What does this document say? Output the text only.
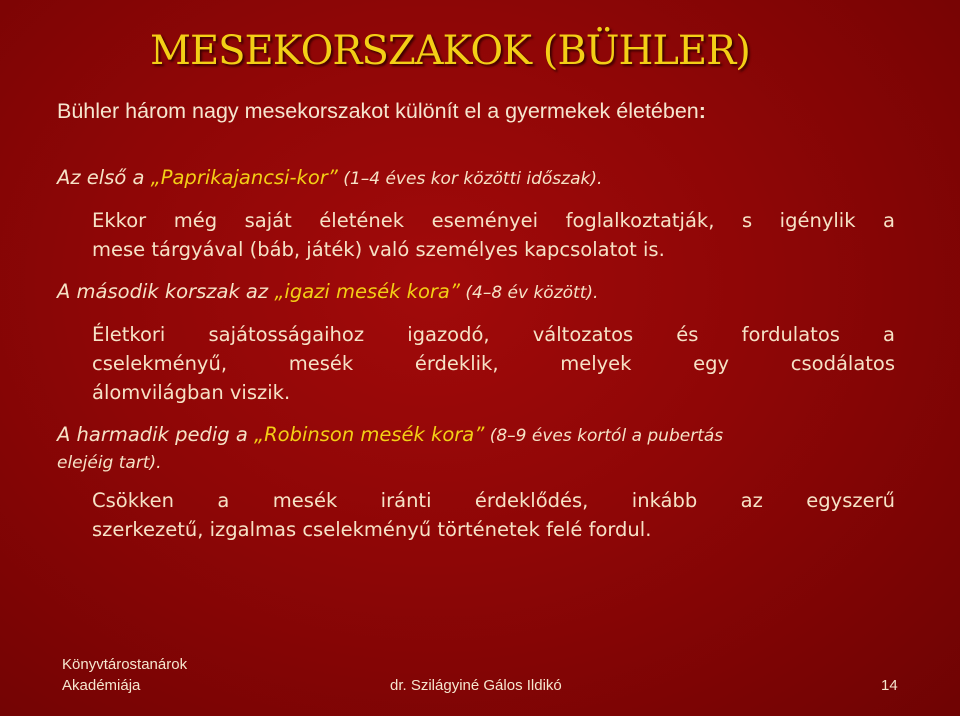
MESEKORSZAKOK (BÜHLER)
Bühler három nagy mesekorszakot különít el a gyermekek életében:
Az első a „Paprikajancsi-kor” (1–4 éves kor közötti időszak).
Ekkor még saját életének eseményei foglalkoztatják, s igénylik a
mese tárgyával (báb, játék) való személyes kapcsolatot is.
A második korszak az „igazi mesék kora” (4–8 év között).
Életkori sajátosságaihoz igazodó, változatos és fordulatos a
cselekményű, mesék érdeklik, melyek egy csodálatos
álomvilágban viszik.
A harmadik pedig a „Robinson mesék kora” (8–9 éves kortól a pubertás
elejéig tart).
Csökken a mesék iránti érdeklődés, inkább az egyszerű
szerkezetű, izgalmas cselekményű történetek felé fordul.
Könyvtárostanárok
Akadémiája	dr. Szilágyiné Gálos Ildikó	14
